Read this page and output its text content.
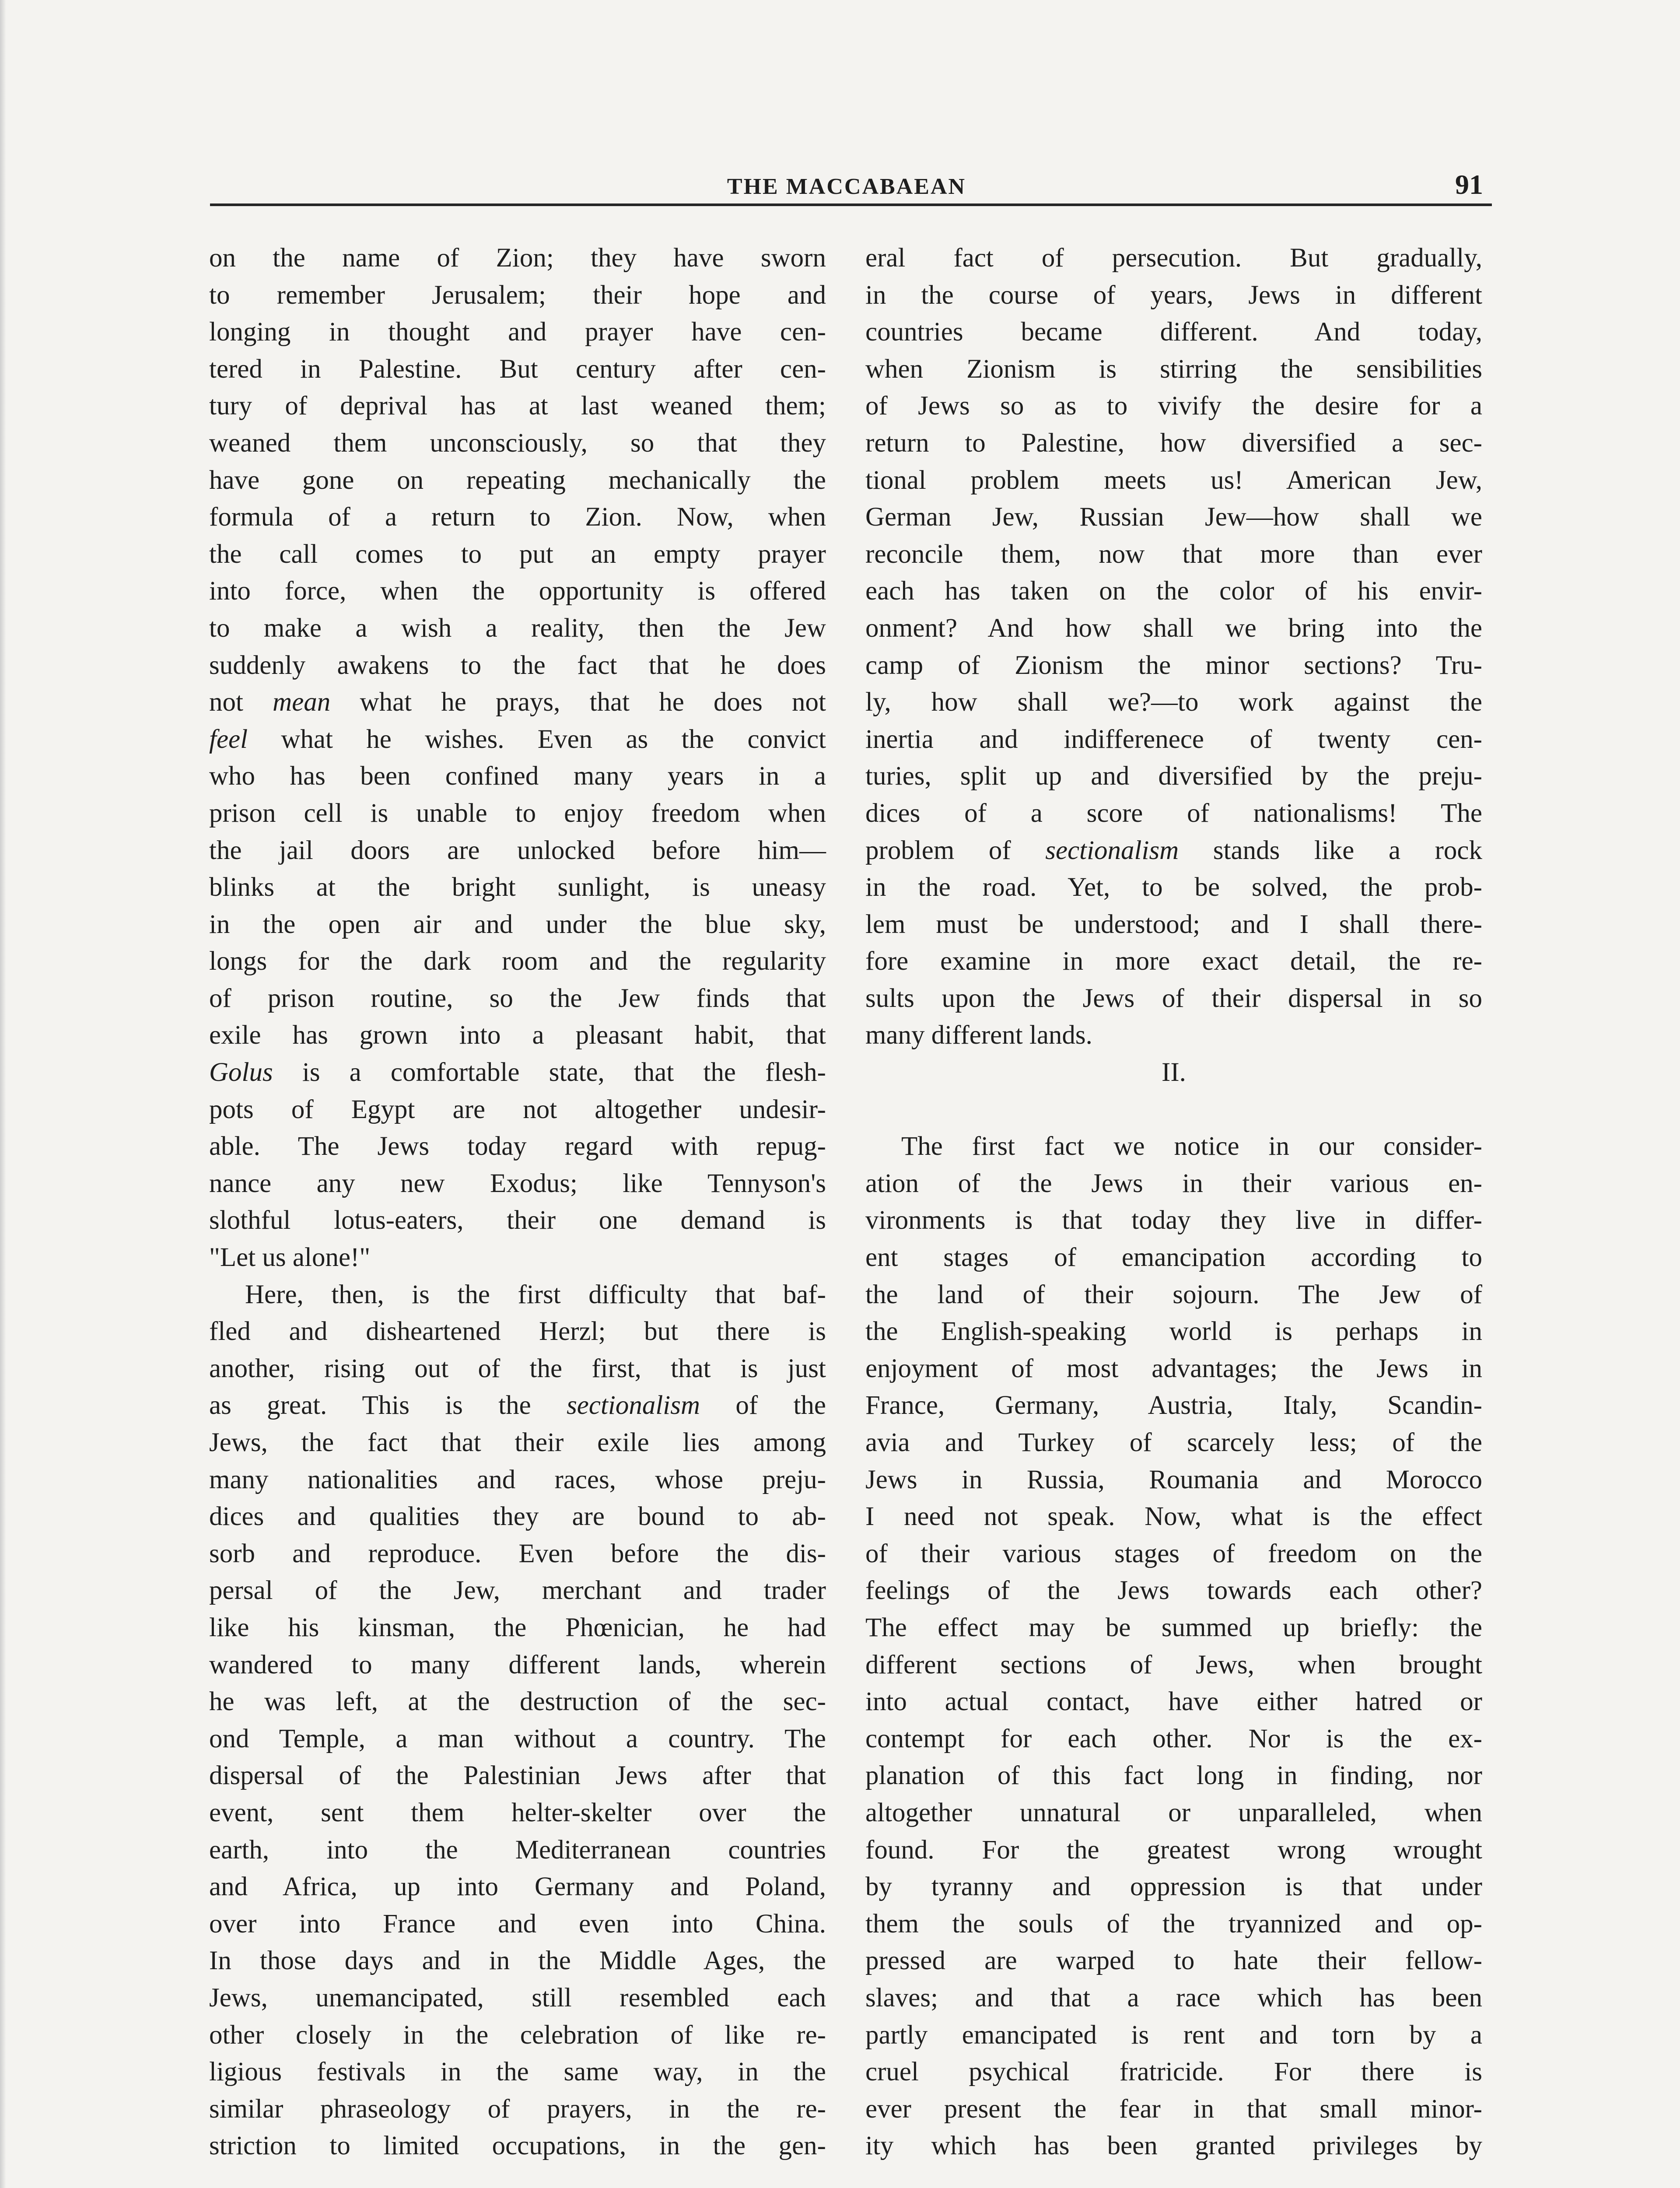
THE MACCABAEAN	91
on the name of Zion; they have sworn
to remember Jerusalem; their hope and
longing in thought and prayer have cen-
tered in Palestine. But century after cen-
tury of deprival has at last weaned them;
weaned them unconsciously, so that they
have gone on repeating mechanically the
formula of a return to Zion. Now, when
the call comes to put an empty prayer
into force, when the opportunity is offered
to make a wish a reality, then the Jew
suddenly awakens to the fact that he does
not mean what he prays, that he does not
feel what he wishes. Even as the convict
who has been confined many years in a
prison cell is unable to enjoy freedom when
the jail doors are unlocked before him—
blinks at the bright sunlight, is uneasy
in the open air and under the blue sky,
longs for the dark room and the regularity
of prison routine, so the Jew finds that
exile has grown into a pleasant habit, that
Golus is a comfortable state, that the flesh-
pots of Egypt are not altogether undesir-
able. The Jews today regard with repug-
nance any new Exodus; like Tennyson's
slothful lotus-eaters, their one demand is
"Let us alone!"
Here, then, is the first difficulty that baf-
fled and disheartened Herzl; but there is
another, rising out of the first, that is just
as great. This is the sectionalism of the
Jews, the fact that their exile lies among
many nationalities and races, whose preju-
dices and qualities they are bound to ab-
sorb and reproduce. Even before the dis-
persal of the Jew, merchant and trader
like his kinsman, the Phœnician, he had
wandered to many different lands, wherein
he was left, at the destruction of the sec-
ond Temple, a man without a country. The
dispersal of the Palestinian Jews after that
event, sent them helter-skelter over the
earth, into the Mediterranean countries
and Africa, up into Germany and Poland,
over into France and even into China.
In those days and in the Middle Ages, the
Jews, unemancipated, still resembled each
other closely in the celebration of like re-
ligious festivals in the same way, in the
similar phraseology of prayers, in the re-
striction to limited occupations, in the gen-
eral fact of persecution. But gradually,
in the course of years, Jews in different
countries became different. And today,
when Zionism is stirring the sensibilities
of Jews so as to vivify the desire for a
return to Palestine, how diversified a sec-
tional problem meets us! American Jew,
German Jew, Russian Jew—how shall we
reconcile them, now that more than ever
each has taken on the color of his envir-
onment? And how shall we bring into the
camp of Zionism the minor sections? Tru-
ly, how shall we?—to work against the
inertia and indifferenece of twenty cen-
turies, split up and diversified by the preju-
dices of a score of nationalisms! The
problem of sectionalism stands like a rock
in the road. Yet, to be solved, the prob-
lem must be understood; and I shall there-
fore examine in more exact detail, the re-
sults upon the Jews of their dispersal in so
many different lands.
II.
The first fact we notice in our consider-
ation of the Jews in their various en-
vironments is that today they live in differ-
ent stages of emancipation according to
the land of their sojourn. The Jew of
the English-speaking world is perhaps in
enjoyment of most advantages; the Jews in
France, Germany, Austria, Italy, Scandin-
avia and Turkey of scarcely less; of the
Jews in Russia, Roumania and Morocco
I need not speak. Now, what is the effect
of their various stages of freedom on the
feelings of the Jews towards each other?
The effect may be summed up briefly: the
different sections of Jews, when brought
into actual contact, have either hatred or
contempt for each other. Nor is the ex-
planation of this fact long in finding, nor
altogether unnatural or unparalleled, when
found. For the greatest wrong wrought
by tyranny and oppression is that under
them the souls of the tryannized and op-
pressed are warped to hate their fellow-
slaves; and that a race which has been
partly emancipated is rent and torn by a
cruel psychical fratricide. For there is
ever present the fear in that small minor-
ity which has been granted privileges by
